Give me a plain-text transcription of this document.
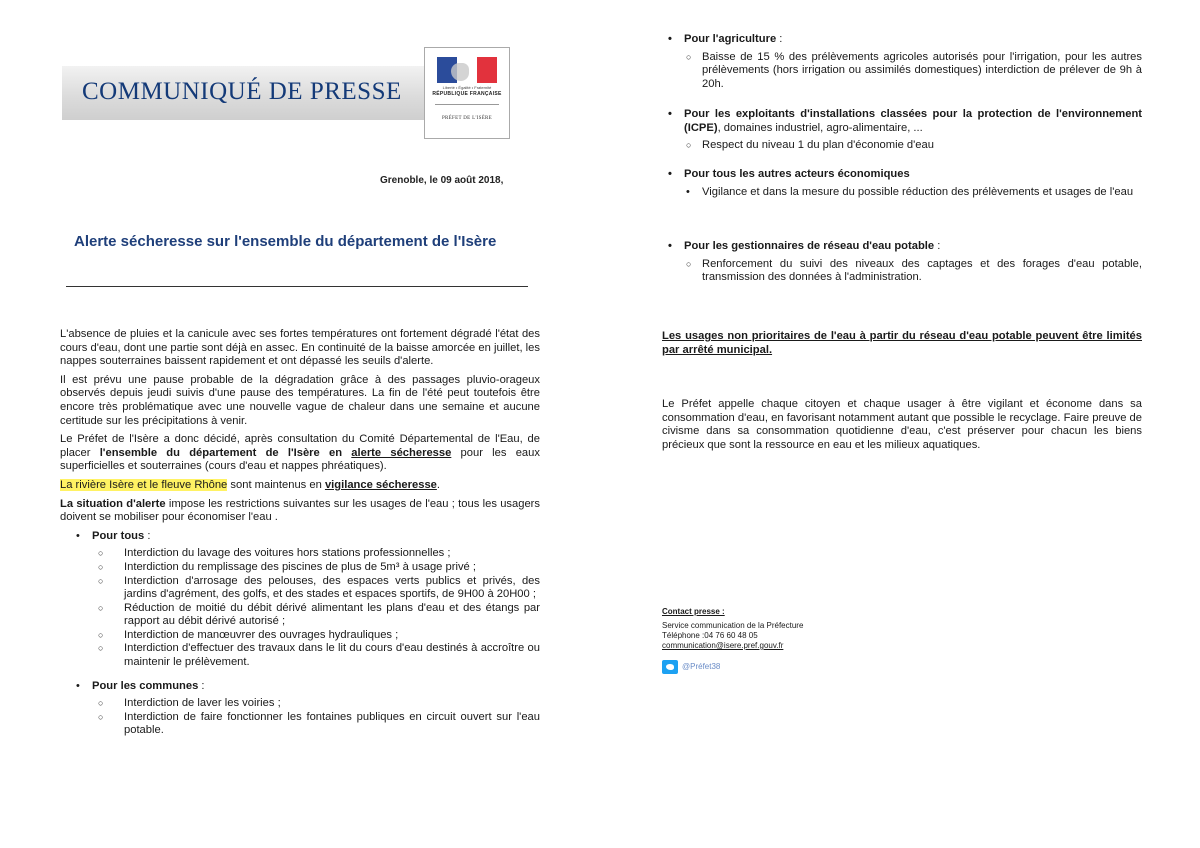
COMMUNIQUÉ DE PRESSE	Liberté • Égalité • Fraternité
RÉPUBLIQUE FRANÇAISE
PRÉFET DE L'ISÈRE
Grenoble, le 09 août 2018,
Alerte sécheresse sur l'ensemble du département de l'Isère

L'absence de pluies et la canicule avec ses fortes températures ont fortement dégradé l'état des cours d'eau, dont une partie sont déjà en assec. En continuité de la baisse amorcée en juillet, les nappes souterraines baissent rapidement et ont dépassé les seuils d'alerte.

Il est prévu une pause probable de la dégradation grâce à des passages pluvio-orageux observés depuis jeudi suivis d'une pause des températures. La fin de l'été peut toutefois être encore très problématique avec une nouvelle vague de chaleur dans une semaine et aucune certitude sur les précipitations à venir.

Le Préfet de l'Isère a donc décidé, après consultation du Comité Départemental de l'Eau, de placer l'ensemble du département de l'Isère en alerte sécheresse pour les eaux superficielles et souterraines (cours d'eau et nappes phréatiques).

La rivière Isère et le fleuve Rhône sont maintenus en vigilance sécheresse.

La situation d'alerte impose les restrictions suivantes sur les usages de l'eau ; tous les usagers doivent se mobiliser pour économiser l'eau .

• Pour tous :
○ Interdiction du lavage des voitures hors stations professionnelles ;
○ Interdiction du remplissage des piscines de plus de 5m³ à usage privé ;
○ Interdiction d'arrosage des pelouses, des espaces verts publics et privés, des jardins d'agrément, des golfs, et des stades et espaces sportifs, de 9H00 à 20H00 ;
○ Réduction de moitié du débit dérivé alimentant les plans d'eau et des étangs par rapport au débit dérivé autorisé ;
○ Interdiction de manœuvrer des ouvrages hydrauliques ;
○ Interdiction d'effectuer des travaux dans le lit du cours d'eau destinés à accroître ou maintenir le prélèvement.
• Pour les communes :
○ Interdiction de laver les voiries ;
○ Interdiction de faire fonctionner les fontaines publiques en circuit ouvert sur l'eau potable.
• Pour l'agriculture :
○ Baisse de 15 % des prélèvements agricoles autorisés pour l'irrigation, pour les autres prélèvements (hors irrigation ou assimilés domestiques) interdiction de prélever de 9h à 20h.
• Pour les exploitants d'installations classées pour la protection de l'environnement (ICPE), domaines industriel, agro-alimentaire, ...
○ Respect du niveau 1 du plan d'économie d'eau
• Pour tous les autres acteurs économiques
• Vigilance et dans la mesure du possible réduction des prélèvements et usages de l'eau
• Pour les gestionnaires de réseau d'eau potable :
○ Renforcement du suivi des niveaux des captages et des forages d'eau potable, transmission des données à l'administration.
Les usages non prioritaires de l'eau à partir du réseau d'eau potable peuvent être limités par arrêté municipal.
Le Préfet appelle chaque citoyen et chaque usager à être vigilant et économe dans sa consommation d'eau, en favorisant notamment autant que possible le recyclage. Faire preuve de civisme dans sa consommation quotidienne d'eau, c'est préserver pour chacun les biens précieux que sont la ressource en eau et les milieux aquatiques.
Contact presse :
Service communication de la Préfecture
Téléphone :04 76 60 48 05
communication@isere.pref.gouv.fr
@Préfet38
